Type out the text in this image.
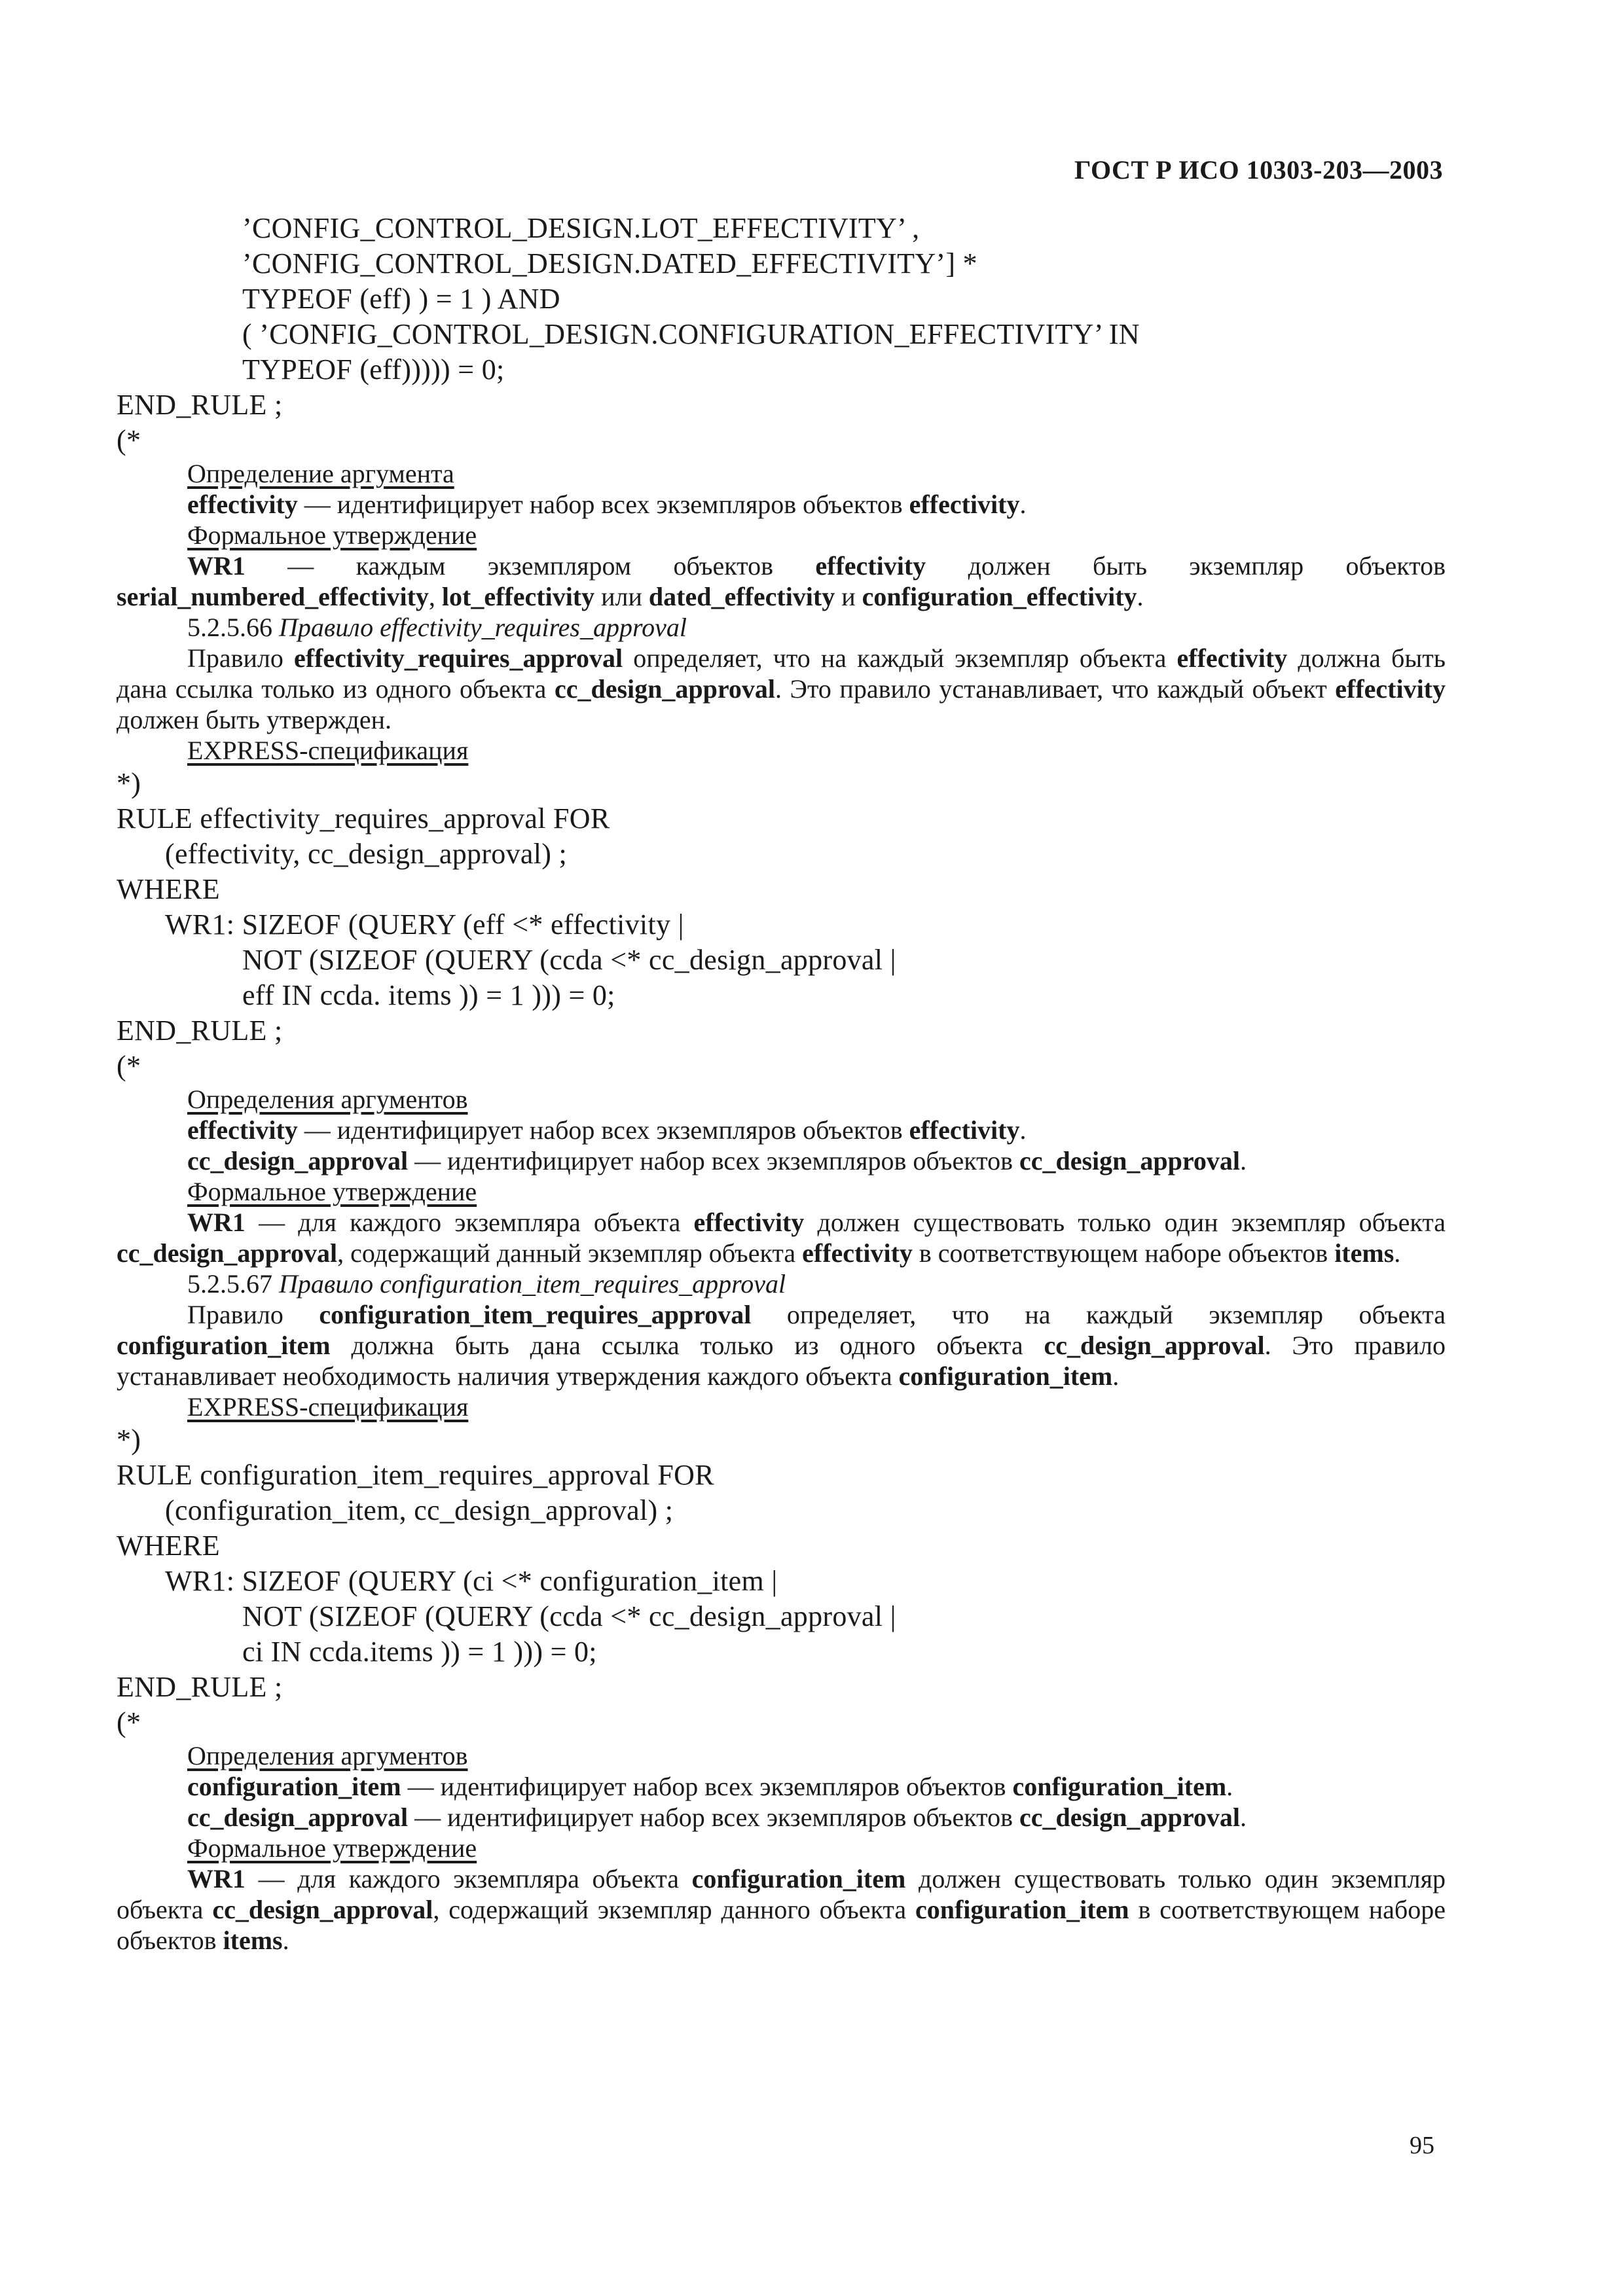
ГОСТ Р ИСО 10303-203—2003
’CONFIG_CONTROL_DESIGN.LOT_EFFECTIVITY’ ,
’CONFIG_CONTROL_DESIGN.DATED_EFFECTIVITY’] *
TYPEOF (eff) ) = 1 ) AND
( ’CONFIG_CONTROL_DESIGN.CONFIGURATION_EFFECTIVITY’ IN
TYPEOF (eff))))) = 0;
END_RULE ;
(*
Определение аргумента
effectivity — идентифицирует набор всех экземпляров объектов effectivity.
Формальное утверждение
WR1 — каждым экземпляром объектов effectivity должен быть экземпляр объектов serial_numbered_effectivity, lot_effectivity или dated_effectivity и configuration_effectivity.
5.2.5.66 Правило effectivity_requires_approval
Правило effectivity_requires_approval определяет, что на каждый экземпляр объекта effectivity должна быть дана ссылка только из одного объекта cc_design_approval. Это правило устанавливает, что каждый объект effectivity должен быть утвержден.
EXPRESS-спецификация
*)
RULE effectivity_requires_approval FOR
(effectivity, cc_design_approval) ;
WHERE
WR1: SIZEOF (QUERY (eff <* effectivity |
NOT (SIZEOF (QUERY (ccda <* cc_design_approval |
eff IN ccda. items )) = 1 ))) = 0;
END_RULE ;
(*
Определения аргументов
effectivity — идентифицирует набор всех экземпляров объектов effectivity.
cc_design_approval — идентифицирует набор всех экземпляров объектов cc_design_approval.
Формальное утверждение
WR1 — для каждого экземпляра объекта effectivity должен существовать только один экземпляр объекта cc_design_approval, содержащий данный экземпляр объекта effectivity в соответствующем наборе объектов items.
5.2.5.67 Правило configuration_item_requires_approval
Правило configuration_item_requires_approval определяет, что на каждый экземпляр объекта configuration_item должна быть дана ссылка только из одного объекта cc_design_approval. Это правило устанавливает необходимость наличия утверждения каждого объекта configuration_item.
EXPRESS-спецификация
*)
RULE configuration_item_requires_approval FOR
(configuration_item, cc_design_approval) ;
WHERE
WR1: SIZEOF (QUERY (ci <* configuration_item |
NOT (SIZEOF (QUERY (ccda <* cc_design_approval |
ci IN ccda.items )) = 1 ))) = 0;
END_RULE ;
(*
Определения аргументов
configuration_item — идентифицирует набор всех экземпляров объектов configuration_item.
cc_design_approval — идентифицирует набор всех экземпляров объектов cc_design_approval.
Формальное утверждение
WR1 — для каждого экземпляра объекта configuration_item должен существовать только один экземпляр объекта cc_design_approval, содержащий экземпляр данного объекта configuration_item в соответствующем наборе объектов items.
95
